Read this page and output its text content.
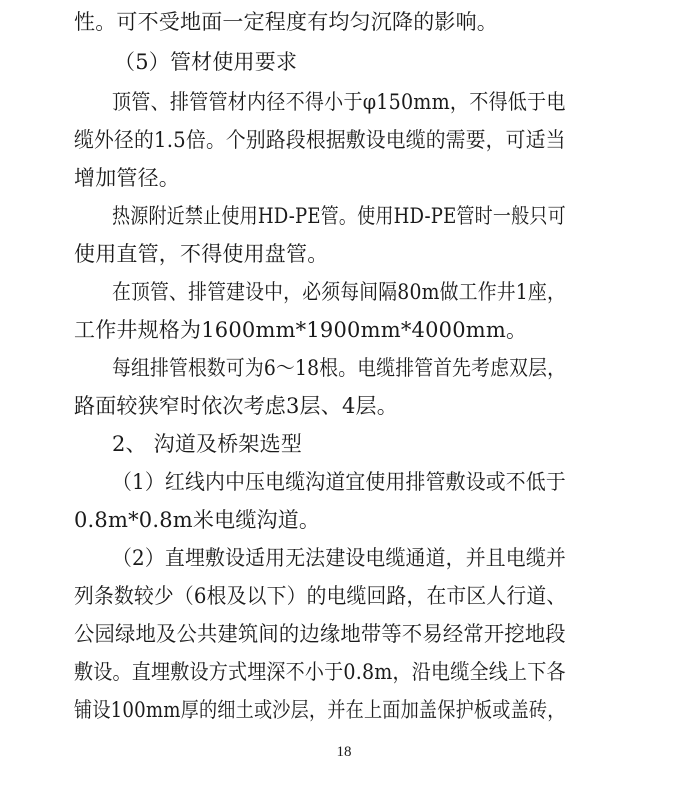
性。可不受地面一定程度有均匀沉降的影响。
（5）管材使用要求
顶管、排管管材内径不得小于φ150mm，不得低于电
缆外径的1.5倍。个别路段根据敷设电缆的需要，可适当
增加管径。
热源附近禁止使用HD-PE管。使用HD-PE管时一般只可
使用直管，不得使用盘管。
在顶管、排管建设中，必须每间隔80m做工作井1座，
工作井规格为1600mm*1900mm*4000mm。
每组排管根数可为6～18根。电缆排管首先考虑双层，
路面较狭窄时依次考虑3层、4层。
2、 沟道及桥架选型
（1）红线内中压电缆沟道宜使用排管敷设或不低于
0.8m*0.8m米电缆沟道。
（2）直埋敷设适用无法建设电缆通道，并且电缆并
列条数较少（6根及以下）的电缆回路，在市区人行道、
公园绿地及公共建筑间的边缘地带等不易经常开挖地段
敷设。直埋敷设方式埋深不小于0.8m，沿电缆全线上下各
铺设100mm厚的细土或沙层，并在上面加盖保护板或盖砖，
18
